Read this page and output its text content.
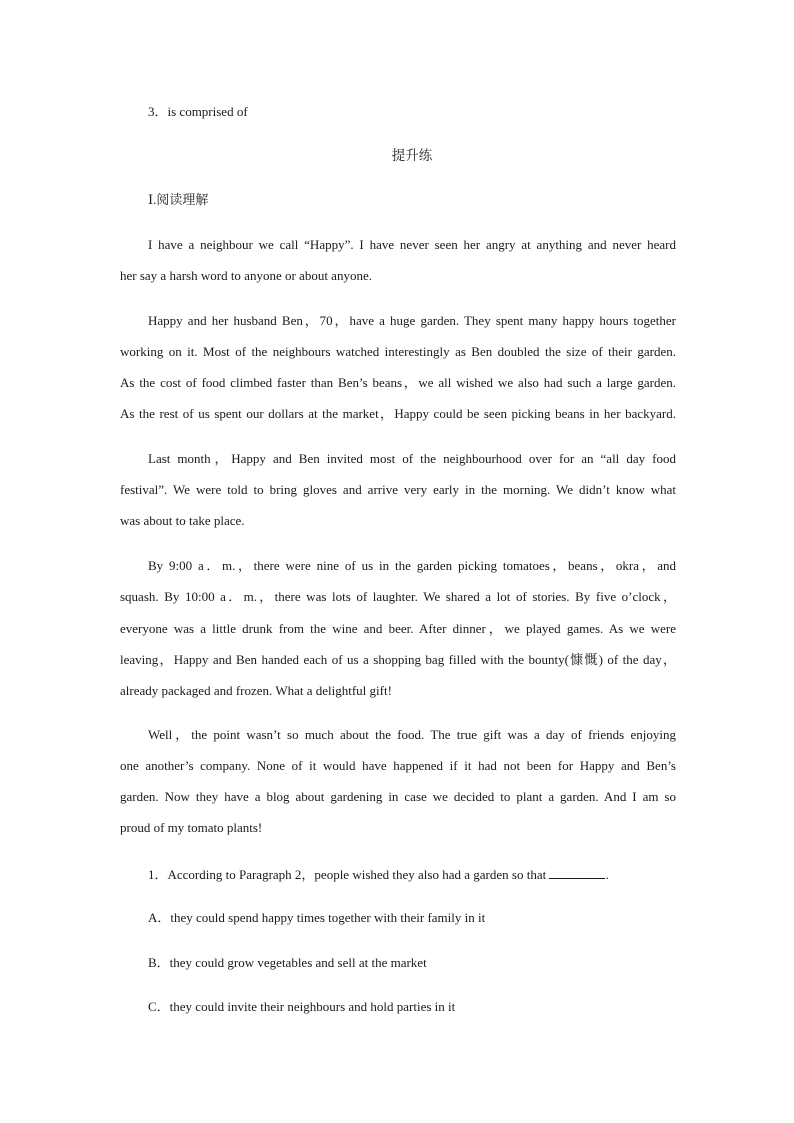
3．is comprised of
提升练
Ⅰ.阅读理解
I have a neighbour we call “Happy”. I have never seen her angry at anything and never heard
her say a harsh word to anyone or about anyone.
Happy and her husband Ben，70，have a huge garden. They spent many happy hours together
working on it. Most of the neighbours watched interestingly as Ben doubled the size of their garden.
As the cost of food climbed faster than Ben’s beans，we all wished we also had such a large garden.
As the rest of us spent our dollars at the market，Happy could be seen picking beans in her backyard.
Last month，Happy and Ben invited most of the neighbourhood over for an “all day food
festival”. We were told to bring gloves and arrive very early in the morning. We didn’t know what
was about to take place.
By 9:00 a．m.，there were nine of us in the garden picking tomatoes，beans，okra，and
squash. By 10:00 a．m.，there was lots of laughter. We shared a lot of stories. By five o’clock，
everyone was a little drunk from the wine and beer. After dinner，we played games. As we were
leaving，Happy and Ben handed each of us a shopping bag filled with the bounty(慷慨) of the day，
already packaged and frozen. What a delightful gift!
Well，the point wasn’t so much about the food. The true gift was a day of friends enjoying
one another’s company. None of it would have happened if it had not been for Happy and Ben’s
garden. Now they have a blog about gardening in case we decided to plant a garden. And I am so
proud of my tomato plants!
1．According to Paragraph 2，people wished they also had a garden so that	.
A．they could spend happy times together with their family in it
B．they could grow vegetables and sell at the market
C．they could invite their neighbours and hold parties in it
